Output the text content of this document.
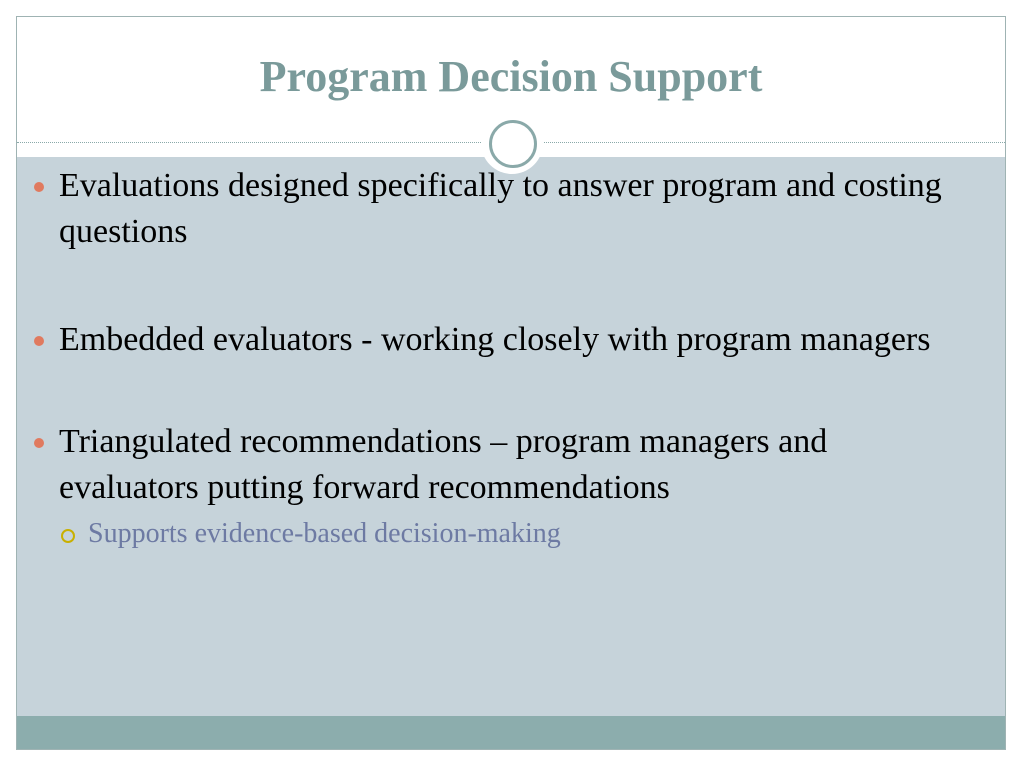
Program Decision Support
Evaluations designed specifically to answer program and costing questions
Embedded evaluators - working closely with program managers
Triangulated recommendations – program managers and evaluators putting forward recommendations
Supports evidence-based decision-making
